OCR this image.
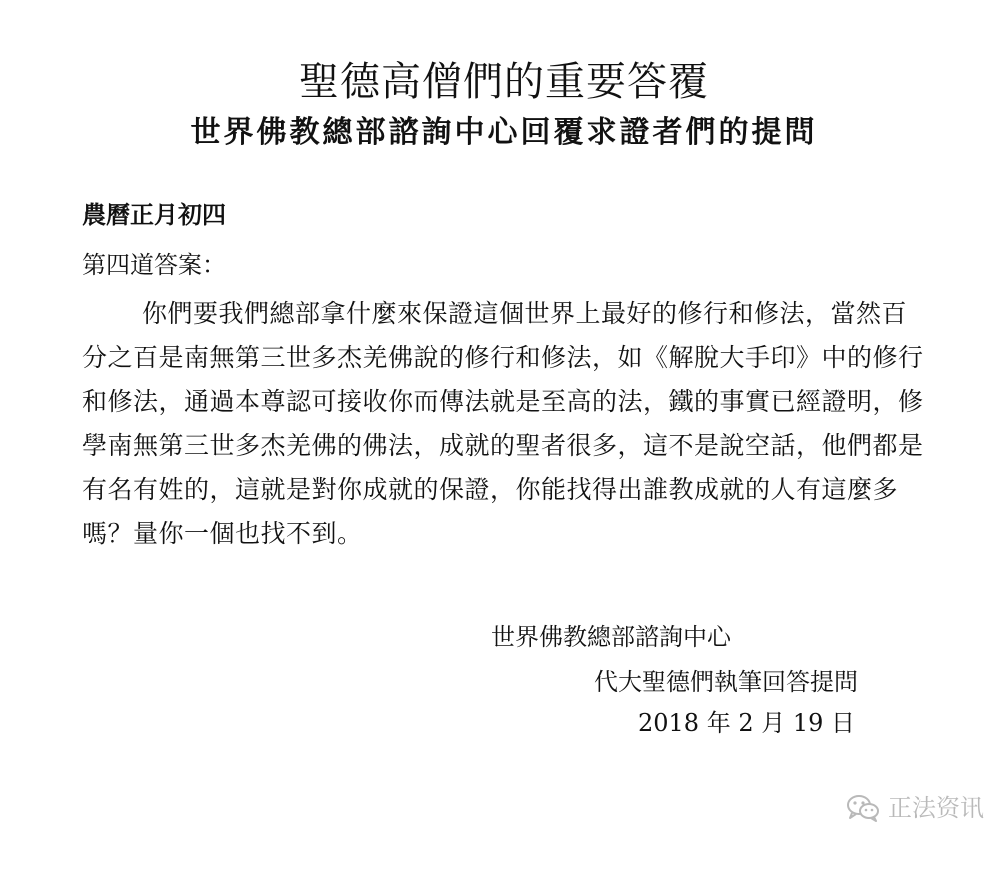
聖德高僧們的重要答覆
世界佛教總部諮詢中心回覆求證者們的提問
農曆正月初四
第四道答案：
你們要我們總部拿什麼來保證這個世界上最好的修行和修法，當然百
分之百是南無第三世多杰羌佛說的修行和修法，如《解脫大手印》中的修行
和修法，通過本尊認可接收你而傳法就是至高的法，鐵的事實已經證明，修
學南無第三世多杰羌佛的佛法，成就的聖者很多，這不是說空話，他們都是
有名有姓的，這就是對你成就的保證，你能找得出誰教成就的人有這麼多
嗎？量你一個也找不到。
世界佛教總部諮詢中心
代大聖德們執筆回答提問
2018 年 2 月 19 日
正法资讯
